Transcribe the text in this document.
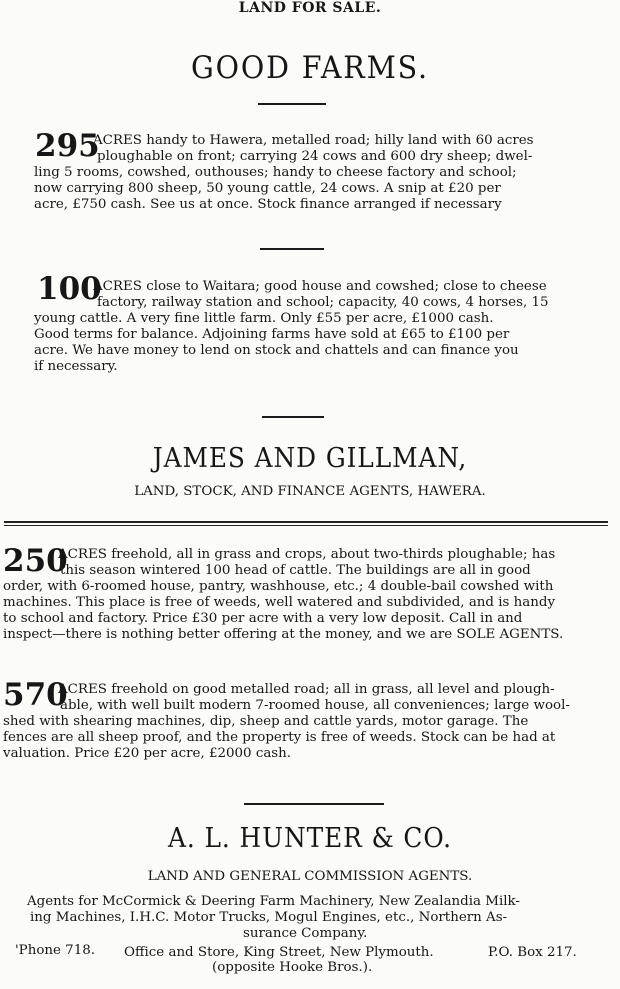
LAND FOR SALE.
GOOD FARMS.
295
ACRES handy to Hawera, metalled road; hilly land with 60 acres
ploughable on front; carrying 24 cows and 600 dry sheep; dwel-
ling 5 rooms, cowshed, outhouses; handy to cheese factory and school;
now carrying 800 sheep, 50 young cattle, 24 cows. A snip at £20 per
acre, £750 cash. See us at once. Stock finance arranged if necessary
100
ACRES close to Waitara; good house and cowshed; close to cheese
factory, railway station and school; capacity, 40 cows, 4 horses, 15
young cattle. A very fine little farm. Only £55 per acre, £1000 cash.
Good terms for balance. Adjoining farms have sold at £65 to £100 per
acre. We have money to lend on stock and chattels and can finance you
if necessary.
JAMES AND GILLMAN,
LAND, STOCK, AND FINANCE AGENTS, HAWERA.
250
ACRES freehold, all in grass and crops, about two-thirds ploughable; has
this season wintered 100 head of cattle. The buildings are all in good
order, with 6-roomed house, pantry, washhouse, etc.; 4 double-bail cowshed with
machines. This place is free of weeds, well watered and subdivided, and is handy
to school and factory. Price £30 per acre with a very low deposit. Call in and
inspect—there is nothing better offering at the money, and we are SOLE AGENTS.
570
ACRES freehold on good metalled road; all in grass, all level and plough-
able, with well built modern 7-roomed house, all conveniences; large wool-
shed with shearing machines, dip, sheep and cattle yards, motor garage. The
fences are all sheep proof, and the property is free of weeds. Stock can be had at
valuation. Price £20 per acre, £2000 cash.
A. L. HUNTER & CO.
LAND AND GENERAL COMMISSION AGENTS.
Agents for McCormick & Deering Farm Machinery, New Zealandia Milk-
ing Machines, I.H.C. Motor Trucks, Mogul Engines, etc., Northern As-
surance Company.
'Phone 718. Office and Store, King Street, New Plymouth.	P.O. Box 217.
(opposite Hooke Bros.).
